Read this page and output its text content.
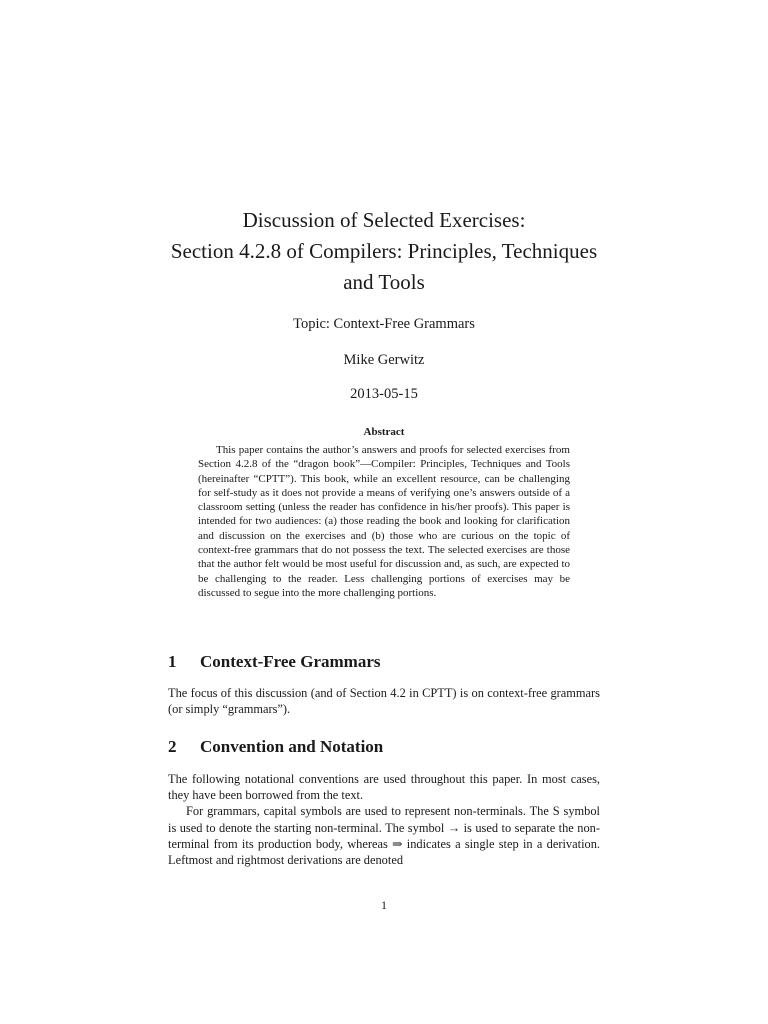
Discussion of Selected Exercises:
Section 4.2.8 of Compilers: Principles, Techniques
and Tools
Topic: Context-Free Grammars
Mike Gerwitz
2013-05-15
Abstract

This paper contains the author’s answers and proofs for selected exercises from Section 4.2.8 of the “dragon book”—Compiler: Principles, Techniques and Tools (hereinafter “CPTT”). This book, while an excellent resource, can be challenging for self-study as it does not provide a means of verifying one’s answers outside of a classroom setting (unless the reader has confidence in his/her proofs). This paper is intended for two audiences: (a) those reading the book and looking for clarification and discussion on the exercises and (b) those who are curious on the topic of context-free grammars that do not possess the text. The selected exercises are those that the author felt would be most useful for discussion and, as such, are expected to be challenging to the reader. Less challenging portions of exercises may be discussed to segue into the more challenging portions.

1 Context-Free Grammars

The focus of this discussion (and of Section 4.2 in CPTT) is on context-free grammars (or simply “grammars”).

2 Convention and Notation

The following notational conventions are used throughout this paper. In most cases, they have been borrowed from the text.

For grammars, capital symbols are used to represent non-terminals. The S symbol is used to denote the starting non-terminal. The symbol → is used to separate the non-terminal from its production body, whereas ⇒ indicates a single step in a derivation. Leftmost and rightmost derivations are denoted

1
